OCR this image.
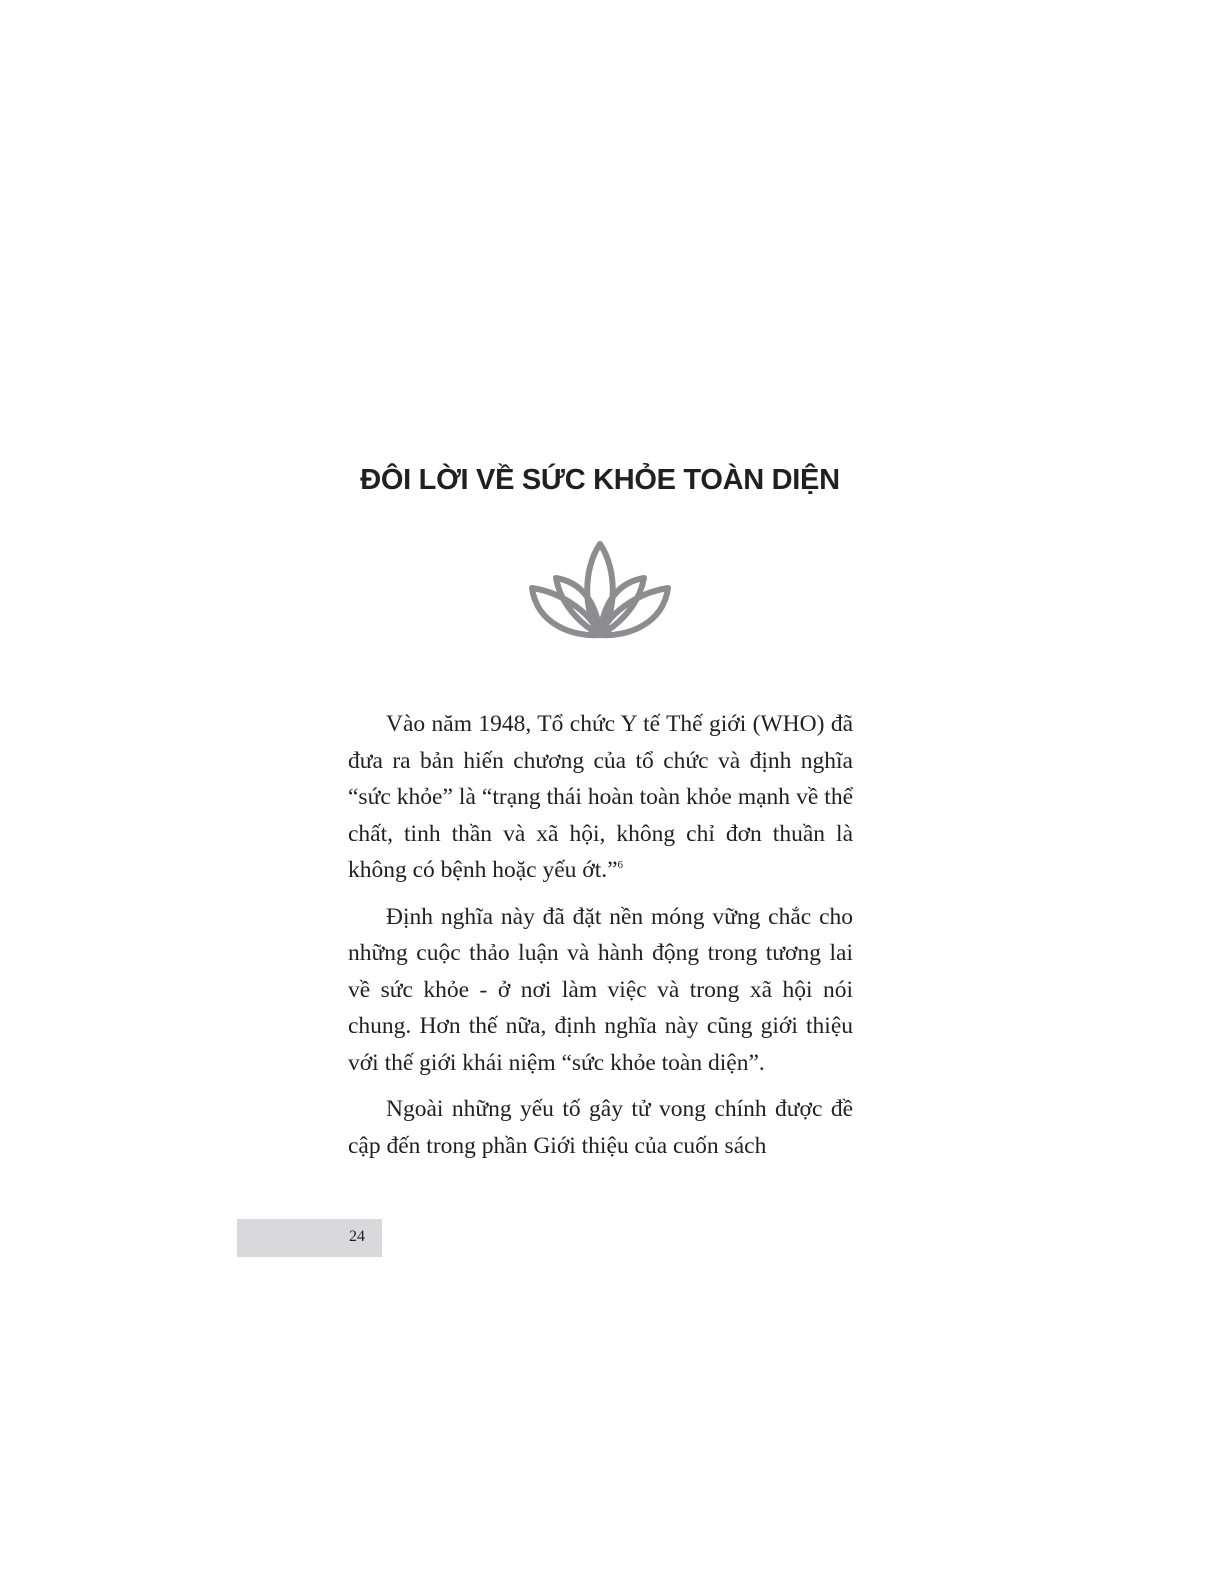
ĐÔI LỜI VỀ SỨC KHỎE TOÀN DIỆN

Vào năm 1948, Tổ chức Y tế Thế giới (WHO) đã đưa ra bản hiến chương của tổ chức và định nghĩa “sức khỏe” là “trạng thái hoàn toàn khỏe mạnh về thể chất, tinh thần và xã hội, không chỉ đơn thuần là không có bệnh hoặc yếu ớt.”$^6$

Định nghĩa này đã đặt nền móng vững chắc cho những cuộc thảo luận và hành động trong tương lai về sức khỏe - ở nơi làm việc và trong xã hội nói chung. Hơn thế nữa, định nghĩa này cũng giới thiệu với thế giới khái niệm “sức khỏe toàn diện”.

Ngoài những yếu tố gây tử vong chính được đề cập đến trong phần Giới thiệu của cuốn sách

24
